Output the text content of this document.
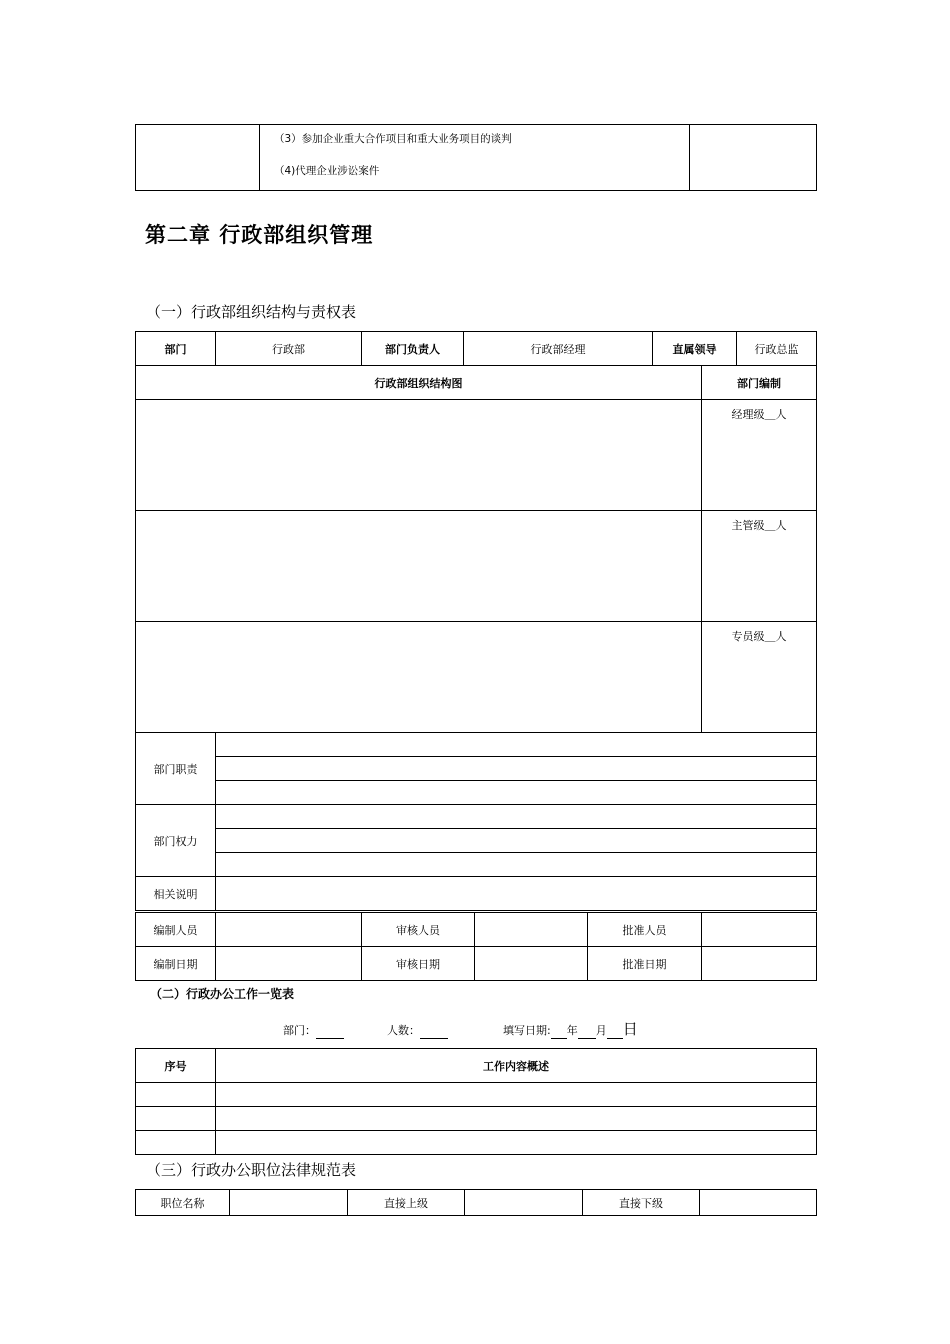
（3）参加企业重大合作项目和重大业务项目的谈判
（4)代理企业涉讼案件

第二章 行政部组织管理
（一）行政部组织结构与责权表
部门	行政部	部门负责人	行政部经理	直属领导	行政总监
行政部组织结构图	部门编制
	经理级＿人
	主管级＿人
	专员级＿人
部门职责	

部门权力	

相关说明	
编制人员		审核人员		批准人员	
编制日期		审核日期		批准日期	
（二）行政办公工作一览表
部门：	人数：	填写日期: 年 月 日
序号	工作内容概述

（三）行政办公职位法律规范表
职位名称		直接上级		直接下级	
